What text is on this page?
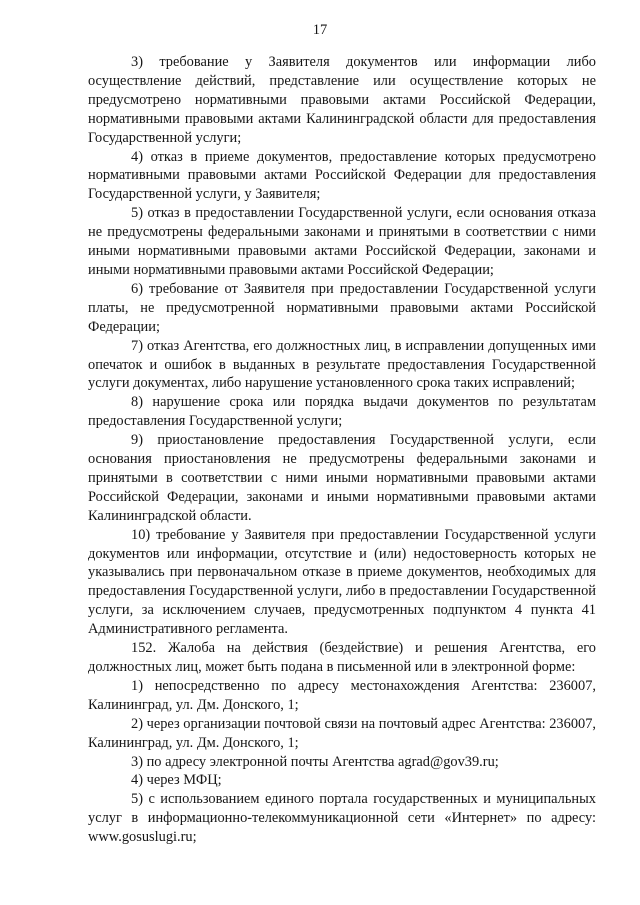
17

3) требование у Заявителя документов или информации либо осуществление действий, представление или осуществление которых не предусмотрено нормативными правовыми актами Российской Федерации, нормативными правовыми актами Калининградской области для предоставления Государственной услуги;

4) отказ в приеме документов, предоставление которых предусмотрено нормативными правовыми актами Российской Федерации для предоставления Государственной услуги, у Заявителя;

5) отказ в предоставлении Государственной услуги, если основания отказа не предусмотрены федеральными законами и принятыми в соответствии с ними иными нормативными правовыми актами Российской Федерации, законами и иными нормативными правовыми актами Российской Федерации;

6) требование от Заявителя при предоставлении Государственной услуги платы, не предусмотренной нормативными правовыми актами Российской Федерации;

7) отказ Агентства, его должностных лиц, в исправлении допущенных ими опечаток и ошибок в выданных в результате предоставления Государственной услуги документах, либо нарушение установленного срока таких исправлений;

8) нарушение срока или порядка выдачи документов по результатам предоставления Государственной услуги;

9) приостановление предоставления Государственной услуги, если основания приостановления не предусмотрены федеральными законами и принятыми в соответствии с ними иными нормативными правовыми актами Российской Федерации, законами и иными нормативными правовыми актами Калининградской области.

10) требование у Заявителя при предоставлении Государственной услуги документов или информации, отсутствие и (или) недостоверность которых не указывались при первоначальном отказе в приеме документов, необходимых для предоставления Государственной услуги, либо в предоставлении Государственной услуги, за исключением случаев, предусмотренных подпунктом 4 пункта 41 Административного регламента.

152. Жалоба на действия (бездействие) и решения Агентства, его должностных лиц, может быть подана в письменной или в электронной форме:

1) непосредственно по адресу местонахождения Агентства: 236007, Калининград, ул. Дм. Донского, 1;

2) через организации почтовой связи на почтовый адрес Агентства: 236007, Калининград, ул. Дм. Донского, 1;

3) по адресу электронной почты Агентства agrad@gov39.ru;

4) через МФЦ;

5) с использованием единого портала государственных и муниципальных услуг в информационно-телекоммуникационной сети «Интернет» по адресу: www.gosuslugi.ru;
